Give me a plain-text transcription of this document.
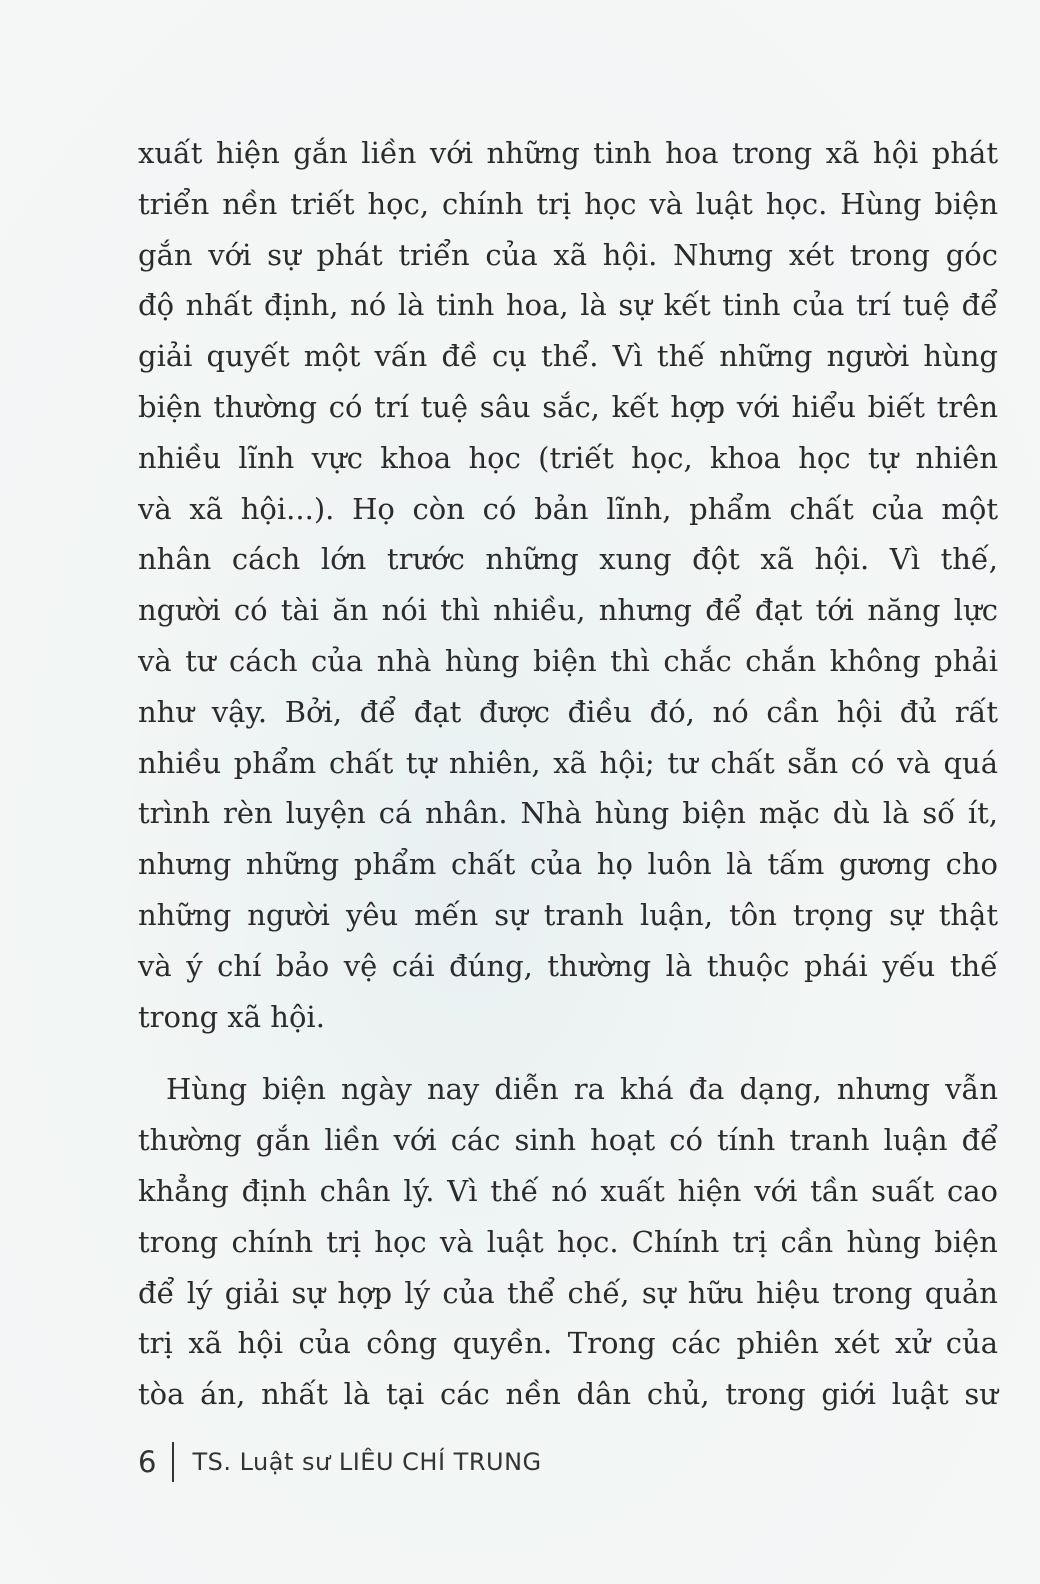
xuất hiện gắn liền với những tinh hoa trong xã hội phát
triển nền triết học, chính trị học và luật học. Hùng biện
gắn với sự phát triển của xã hội. Nhưng xét trong góc
độ nhất định, nó là tinh hoa, là sự kết tinh của trí tuệ để
giải quyết một vấn đề cụ thể. Vì thế những người hùng
biện thường có trí tuệ sâu sắc, kết hợp với hiểu biết trên
nhiều lĩnh vực khoa học (triết học, khoa học tự nhiên
và xã hội...). Họ còn có bản lĩnh, phẩm chất của một
nhân cách lớn trước những xung đột xã hội. Vì thế,
người có tài ăn nói thì nhiều, nhưng để đạt tới năng lực
và tư cách của nhà hùng biện thì chắc chắn không phải
như vậy. Bởi, để đạt được điều đó, nó cần hội đủ rất
nhiều phẩm chất tự nhiên, xã hội; tư chất sẵn có và quá
trình rèn luyện cá nhân. Nhà hùng biện mặc dù là số ít,
nhưng những phẩm chất của họ luôn là tấm gương cho
những người yêu mến sự tranh luận, tôn trọng sự thật
và ý chí bảo vệ cái đúng, thường là thuộc phái yếu thế
trong xã hội.
Hùng biện ngày nay diễn ra khá đa dạng, nhưng vẫn
thường gắn liền với các sinh hoạt có tính tranh luận để
khẳng định chân lý. Vì thế nó xuất hiện với tần suất cao
trong chính trị học và luật học. Chính trị cần hùng biện
để lý giải sự hợp lý của thể chế, sự hữu hiệu trong quản
trị xã hội của công quyền. Trong các phiên xét xử của
tòa án, nhất là tại các nền dân chủ, trong giới luật sư
6 TS. Luật sư LIÊU CHÍ TRUNG
